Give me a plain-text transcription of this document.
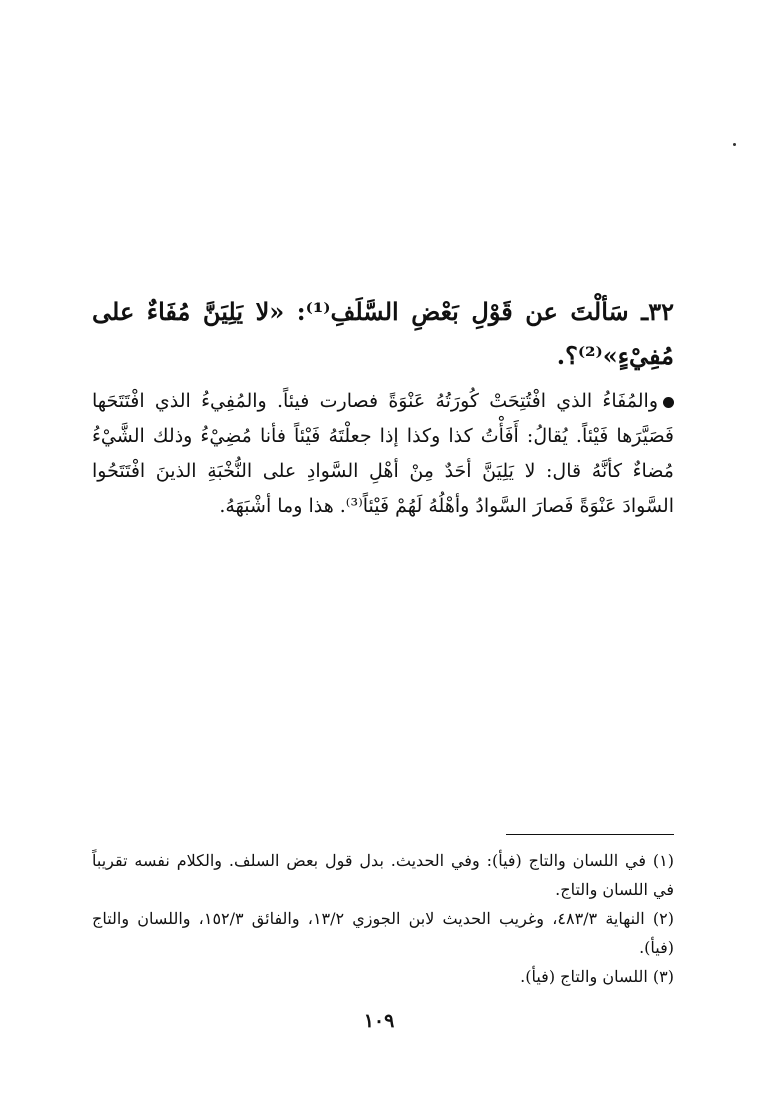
٣٢ـ سَألْتَ عن قَوْلِ بَعْضِ السَّلَفِ⁽¹⁾: «لا يَلِيَنَّ مُفَاءٌ على مُفِيْءٍ»⁽²⁾؟.
والمُفَاءُ الذي افْتُتِحَتْ كُورَتُهُ عَنْوَةً فصارت فيئاً. والمُفِيءُ الذي افْتَتَحَها فَصَيَّرَها فَيْئاً. يُقالُ: أَفَأْتُ كذا وكذا إذا جعلْتَهُ فَيْئاً فأنا مُضِيْءُ وذلك الشَّيْءُ مُضاءٌ كأنَّهُ قال: لا يَلِيَنَّ أحَدٌ مِنْ أهْلِ السَّوادِ على النُّخْبَةِ الذينَ افْتَتَحُوا السَّوادَ عَنْوَةً فَصارَ السَّوادُ وأهْلُهُ لَهُمْ فَيْئاً⁽³⁾. هذا وما أشْبَهَهُ.

(١) في اللسان والتاج (فيأ): وفي الحديث. بدل قول بعض السلف. والكلام نفسه تقريباً في اللسان والتاج.

(٢) النهاية ٤٨٣/٣، وغريب الحديث لابن الجوزي ١٣/٢، والفائق ١٥٢/٣، واللسان والتاج (فيأ).

(٣) اللسان والتاج (فيأ).

١٠٩
